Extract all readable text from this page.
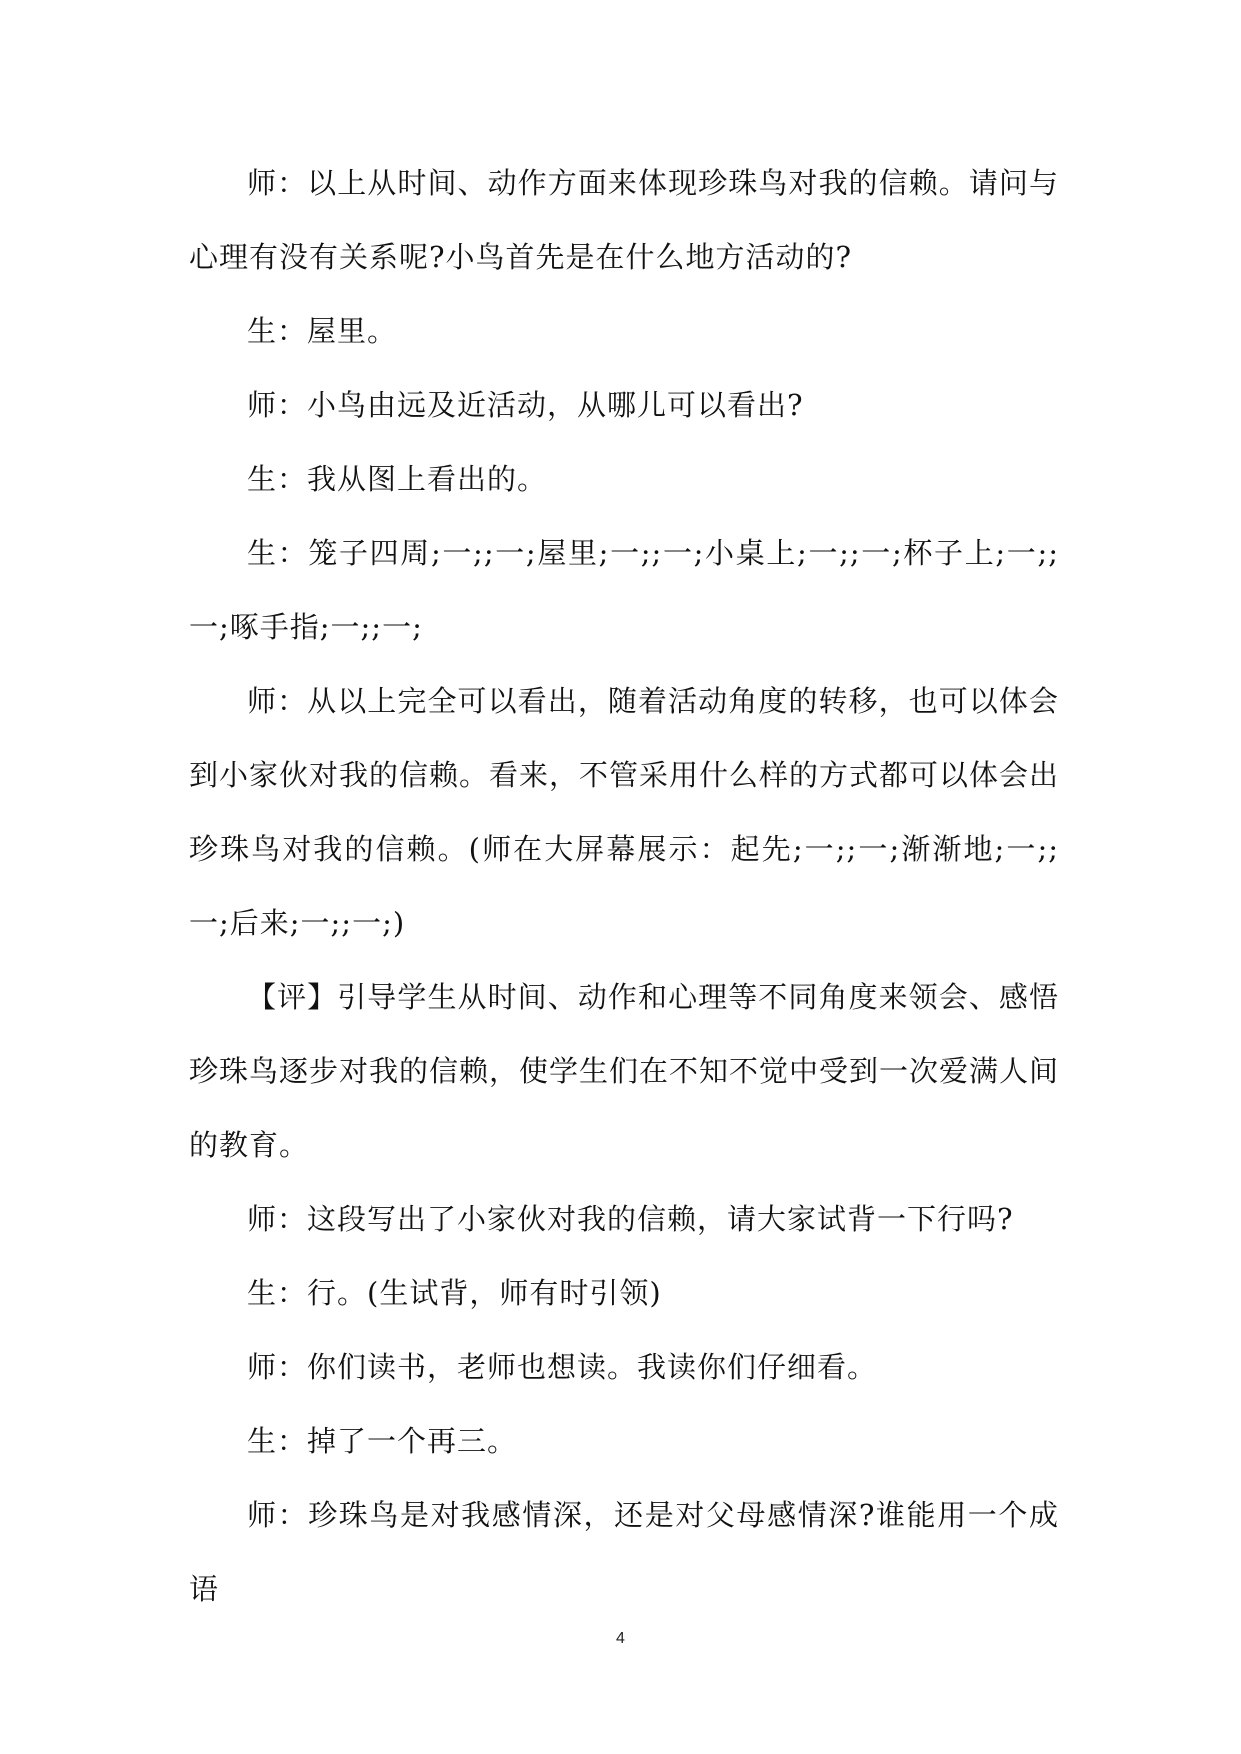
师：以上从时间、动作方面来体现珍珠鸟对我的信赖。请问与心理有没有关系呢?小鸟首先是在什么地方活动的?

生：屋里。

师：小鸟由远及近活动，从哪儿可以看出?

生：我从图上看出的。

生：笼子四周;一;;一;屋里;一;;一;小桌上;一;;一;杯子上;一;;一;啄手指;一;;一;

师：从以上完全可以看出，随着活动角度的转移，也可以体会到小家伙对我的信赖。看来，不管采用什么样的方式都可以体会出珍珠鸟对我的信赖。(师在大屏幕展示：起先;一;;一;渐渐地;一;;一;后来;一;;一;)

【评】引导学生从时间、动作和心理等不同角度来领会、感悟珍珠鸟逐步对我的信赖，使学生们在不知不觉中受到一次爱满人间的教育。

师：这段写出了小家伙对我的信赖，请大家试背一下行吗?

生：行。(生试背，师有时引领)

师：你们读书，老师也想读。我读你们仔细看。

生：掉了一个再三。

师：珍珠鸟是对我感情深，还是对父母感情深?谁能用一个成语

4
